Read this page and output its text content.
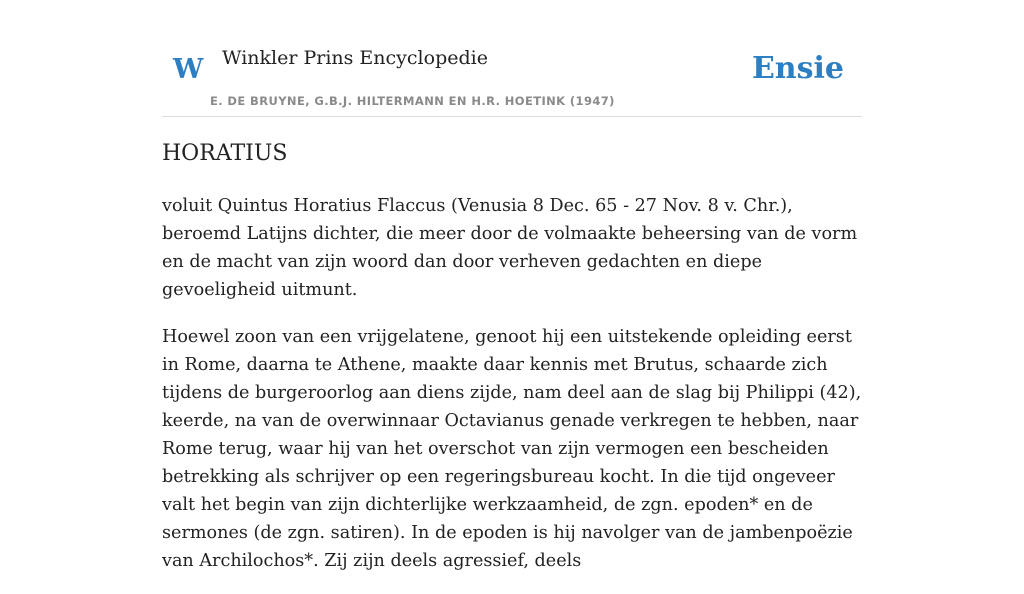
W Winkler Prins Encyclopedie
E. DE BRUYNE, G.B.J. HILTERMANN EN H.R. HOETINK (1947)
Ensie
HORATIUS

voluit Quintus Horatius Flaccus (Venusia 8 Dec. 65 - 27 Nov. 8 v. Chr.), beroemd Latijns dichter, die meer door de volmaakte beheersing van de vorm en de macht van zijn woord dan door verheven gedachten en diepe gevoeligheid uitmunt.

Hoewel zoon van een vrijgelatene, genoot hij een uitstekende opleiding eerst in Rome, daarna te Athene, maakte daar kennis met Brutus, schaarde zich tijdens de burgeroorlog aan diens zijde, nam deel aan de slag bij Philippi (42), keerde, na van de overwinnaar Octavianus genade verkregen te hebben, naar Rome terug, waar hij van het overschot van zijn vermogen een bescheiden betrekking als schrijver op een regeringsbureau kocht. In die tijd ongeveer valt het begin van zijn dichterlijke werkzaamheid, de zgn. epoden* en de sermones (de zgn. satiren). In de epoden is hij navolger van de jambenpoëzie van Archilochos*. Zij zijn deels agressief, deels
